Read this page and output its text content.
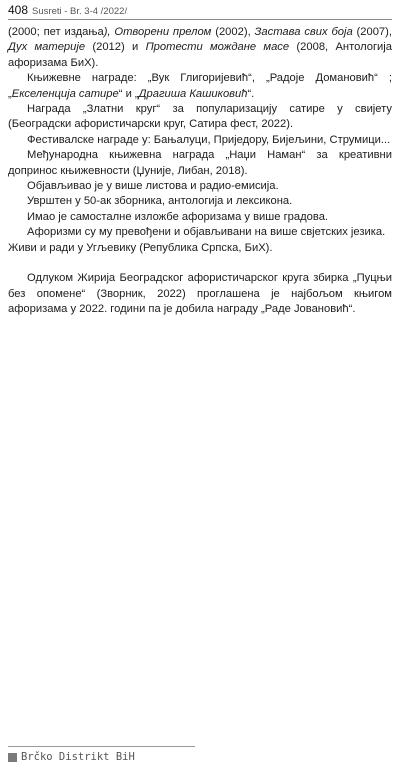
408 Susreti - Br. 3-4 /2022/

(2000; пет издања), Отворени прелом (2002), Застава свих боја (2007), Дух материје (2012) и Протести мождане масе (2008, Антологија афоризама БиХ).

Књижевне награде: „Вук Глигоријевић“, „Радоје Домановић“ ; „Екселенција сатире“ и „Драгиша Кашиковић“.

Награда „Златни круг“ за популаризацију сатире у свијету (Београдски афористичарски круг, Сатира фест, 2022).

Фестивалске награде у: Бањалуци, Приједору, Бијељини, Струмици...

Међународна књижевна награда „Наџи Наман“ за креативни допринос књижевности (Џуније, Либан, 2018).

Објављивао је у више листова и радио-емисија.

Уврштен у 50-ак зборника, антологија и лексикона.

Имао је самосталне изложбе афоризама у више градова.

Афоризми су му превођени и објављивани на више свјетских језика.

Живи и ради у Угљевику (Република Српска, БиХ).

Одлуком Жирија Београдског афористичарског круга збирка „Пуцњи без опомене“ (Зворник, 2022) проглашена је најбољом књигом афоризама у 2022. години па је добила награду „Раде Јовановић“.

Brčko Distrikt BiH
